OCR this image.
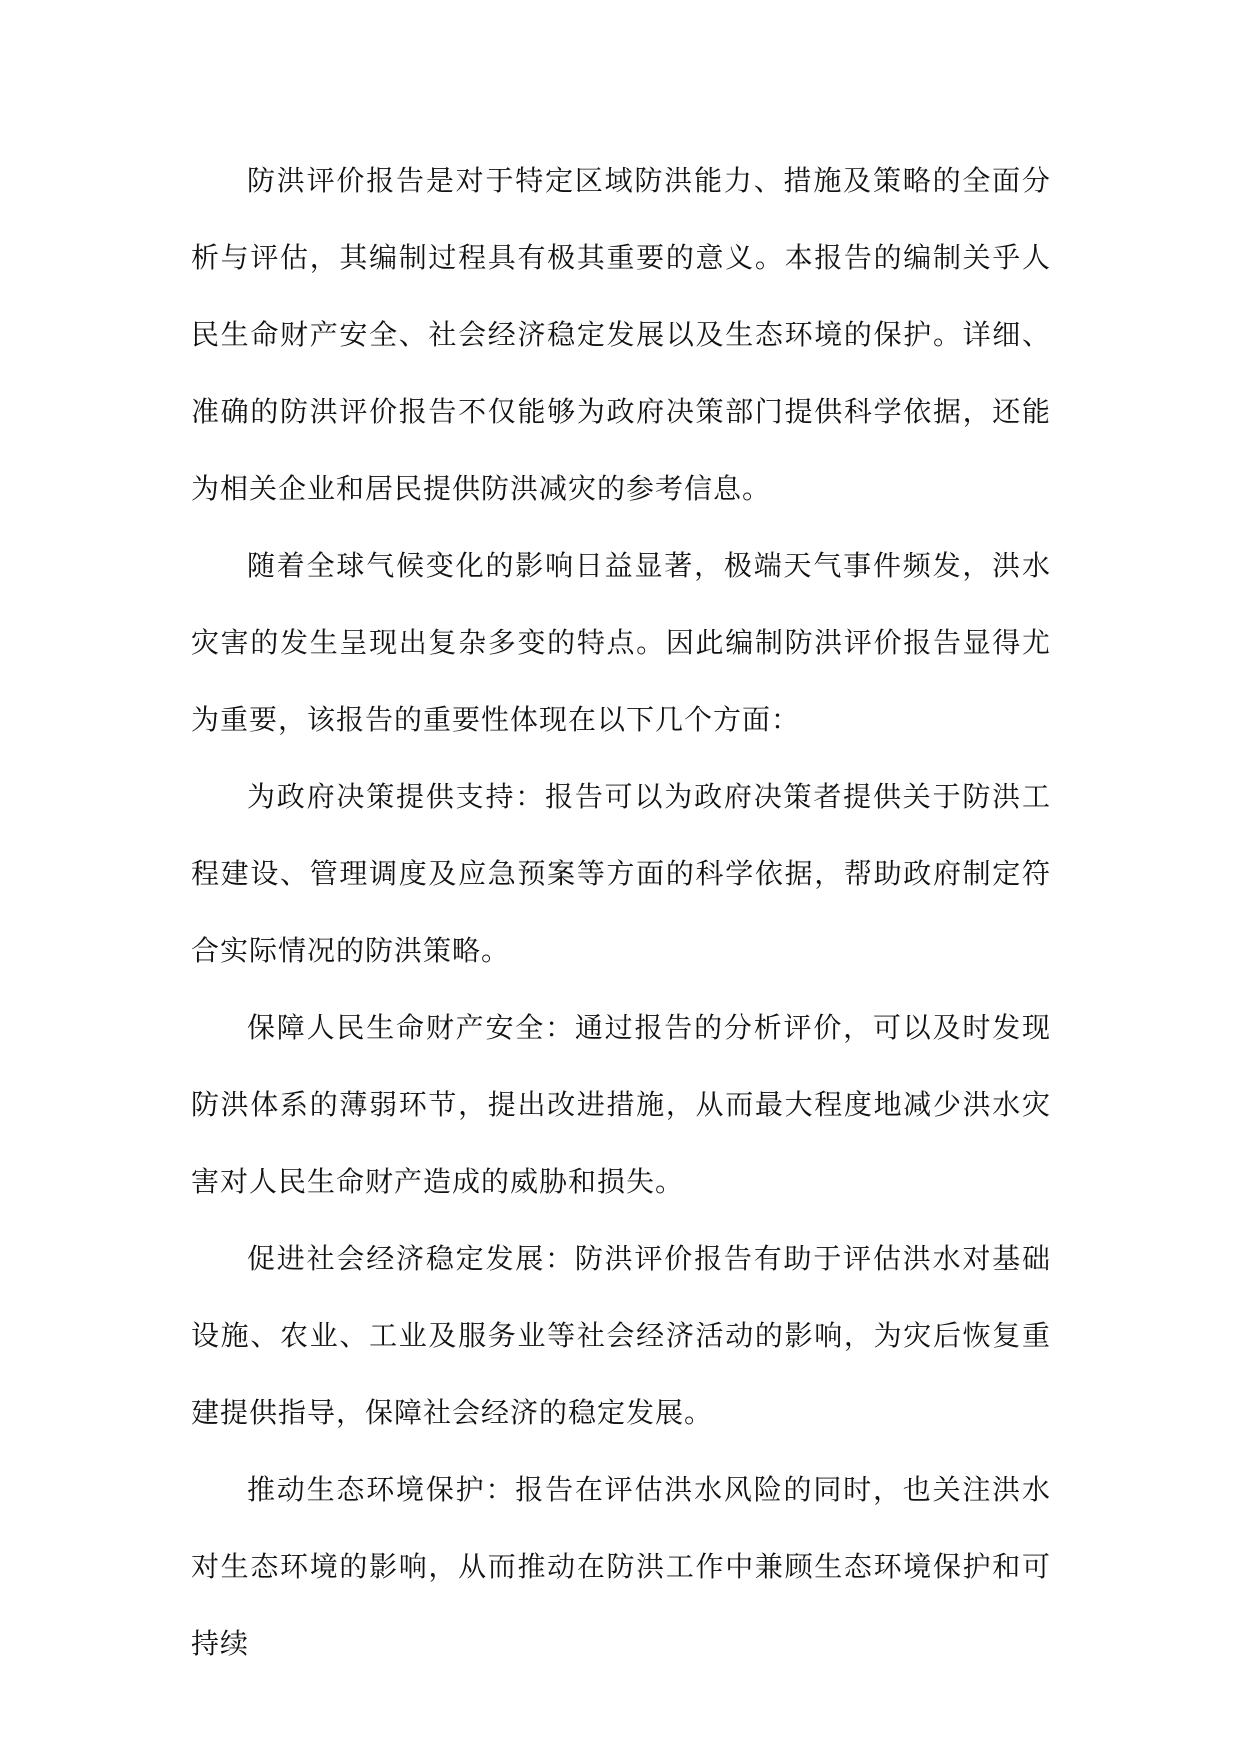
防洪评价报告是对于特定区域防洪能力、措施及策略的全面分析与评估，其编制过程具有极其重要的意义。本报告的编制关乎人民生命财产安全、社会经济稳定发展以及生态环境的保护。详细、准确的防洪评价报告不仅能够为政府决策部门提供科学依据，还能为相关企业和居民提供防洪减灾的参考信息。

随着全球气候变化的影响日益显著，极端天气事件频发，洪水灾害的发生呈现出复杂多变的特点。因此编制防洪评价报告显得尤为重要，该报告的重要性体现在以下几个方面：

为政府决策提供支持：报告可以为政府决策者提供关于防洪工程建设、管理调度及应急预案等方面的科学依据，帮助政府制定符合实际情况的防洪策略。

保障人民生命财产安全：通过报告的分析评价，可以及时发现防洪体系的薄弱环节，提出改进措施，从而最大程度地减少洪水灾害对人民生命财产造成的威胁和损失。

促进社会经济稳定发展：防洪评价报告有助于评估洪水对基础设施、农业、工业及服务业等社会经济活动的影响，为灾后恢复重建提供指导，保障社会经济的稳定发展。

推动生态环境保护：报告在评估洪水风险的同时，也关注洪水对生态环境的影响，从而推动在防洪工作中兼顾生态环境保护和可持续
